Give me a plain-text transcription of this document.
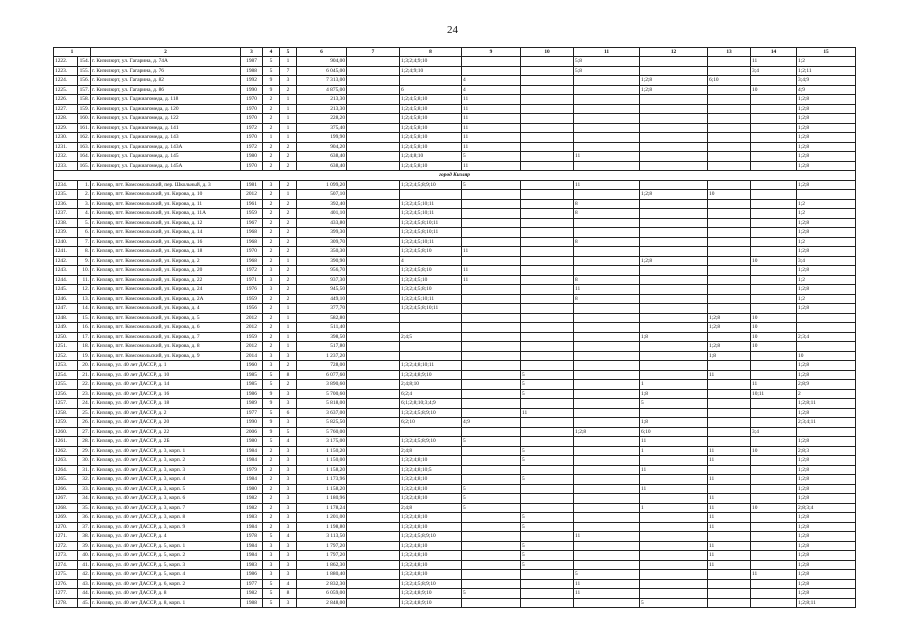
24
1		2	3	4	5	6	7	8	9	10	11	12	13	14	15
1222.	154.	г. Кизилюрт, ул. Гагарина, д. 74А	1987	5	1	904,00		1;3;2;4;9;10			5;8			11	1;2
1223.	155.	г. Кизилюрт, ул. Гагарина, д. 76	1988	5	7	6 045,00		1;2;4;9;10			5;8			3;4	1;2;11
1224.	156.	г. Кизилюрт, ул. Гагарина, д. 82	1992	9	3	7 313,00			4			1;2;8	6;10		3;4;9
1225.	157.	г. Кизилюрт, ул. Гагарина, д. 86	1990	9	2	4 875,00		6	4			1;2;8		10	4;9
1226.	158.	г. Кизилюрт, ул. Гаджиагомеда, д. 118	1970	2	1	213,30		1;2;4;5;8;10	11						1;2;8
1227.	159.	г. Кизилюрт, ул. Гаджиагомеда, д. 120	1970	2	1	213,30		1;2;4;5;8;10	11						1;2;8
1228.	160.	г. Кизилюрт, ул. Гаджиагомеда, д. 122	1970	2	1	228,20		1;2;4;5;8;10	11						1;2;8
1229.	161.	г. Кизилюрт, ул. Гаджиагомеда, д. 141	1972	2	1	375,40		1;2;4;5;8;10	11						1;2;8
1230.	162.	г. Кизилюрт, ул. Гаджиагомеда, д. 143	1970	1	1	199,90		1;2;4;5;8;10	11						1;2;8
1231.	163.	г. Кизилюрт, ул. Гаджиагомеда, д. 143А	1972	2	2	904,20		1;2;4;5;8;10	11						1;2;8
1232.	164.	г. Кизилюрт, ул. Гаджиагомеда, д. 145	1980	2	2	638,40		1;2;4;8;10	5		11				1;2;8
1233.	165.	г. Кизилюрт, ул. Гаджиагомеда, д. 145А	1970	2	2	638,40		1;2;4;5;8;10	11						1;2;8
город Кизляр															
1234.	1.	г. Кизляр, пгт. Комсомольский, пер. Школьный, д. 3	1981	3	2	1 099,20		1;3;2;4;5;8;9;10	5		11				1;2;8
1235.	2.	г. Кизляр, пгт. Комсомольский, ул. Кирова, д. 10	2012	2	1	507,10						1;2;8	10		
1236.	3.	г. Кизляр, пгт. Комсомольский, ул. Кирова, д. 11	1961	2	2	392,40		1;3;2;4;5;10;11			8				1;2
1237.	4.	г. Кизляр, пгт. Комсомольский, ул. Кирова, д. 11А	1959	2	2	401,10		1;3;2;4;5;10;11			8				1;2
1238.	5.	г. Кизляр, пгт. Комсомольский, ул. Кирова, д. 12	1967	2	2	433,80		1;3;2;4;5;8;10;11							1;2;8
1239.	6.	г. Кизляр, пгт. Комсомольский, ул. Кирова, д. 14	1968	2	2	399,30		1;3;2;4;5;8;10;11							1;2;8
1240.	7.	г. Кизляр, пгт. Комсомольский, ул. Кирова, д. 16	1968	2	2	309,70		1;3;2;4;5;10;11			8				1;2
1241.	8.	г. Кизляр, пгт. Комсомольский, ул. Кирова, д. 18	1970	2	2	350,30		1;3;2;4;5;8;10	11						1;2;8
1242.	9.	г. Кизляр, пгт. Комсомольский, ул. Кирова, д. 2	1968	2	1	390,90		4				1;2;8		10	3;4
1243.	10.	г. Кизляр, пгт. Комсомольский, ул. Кирова, д. 20	1972	3	2	956,70		1;3;2;4;5;8;10	11						1;2;8
1244.	11.	г. Кизляр, пгт. Комсомольский, ул. Кирова, д. 22	1971	3	2	937,30		1;3;2;4;5;10	11		8				1;2
1245.	12.	г. Кизляр, пгт. Комсомольский, ул. Кирова, д. 24	1976	3	2	945,50		1;3;2;4;5;8;10			11				1;2;8
1246.	13.	г. Кизляр, пгт. Комсомольский, ул. Кирова, д. 2А	1959	2	2	449,10		1;3;2;4;5;10;11			8				1;2
1247.	14.	г. Кизляр, пгт. Комсомольский, ул. Кирова, д. 4	1956	2	1	377,70		1;3;2;4;5;8;10;11							1;2;8
1248.	15.	г. Кизляр, пгт. Комсомольский, ул. Кирова, д. 5	2012	2	1	582,80							1;2;8	10	
1249.	16.	г. Кизляр, пгт. Комсомольский, ул. Кирова, д. 6	2012	2	1	511,40							1;2;8	10	
1250.	17.	г. Кизляр, пгт. Комсомольский, ул. Кирова, д. 7	1959	2	1	398,50		2;4;5				1;8		10	2;3;4
1251.	18.	г. Кизляр, пгт. Комсомольский, ул. Кирова, д. 8	2012	2	1	517,80							1;2;8	10	
1252.	19.	г. Кизляр, пгт. Комсомольский, ул. Кирова, д. 9	2014	3	3	1 237,20							1;8		10
1253.	20.	г. Кизляр, ул. 40 лет ДАССР, д. 1	1960	3	2	728,00		1;3;2;4;8;10;11							1;2;8
1254.	21.	г. Кизляр, ул. 40 лет ДАССР, д. 10	1985	5	8	6 077,60		1;3;2;4;8;9;10		5			11		1;2;8
1255.	22.	г. Кизляр, ул. 40 лет ДАССР, д. 14	1985	5	2	3 890,60		2;4;8;10		5		1		11	2;8;9
1256.	23.	г. Кизляр, ул. 40 лет ДАССР, д. 16	1986	9	3	5 700,60		6;2;4		5		1;8		10;11	2
1257.	24.	г. Кизляр, ул. 40 лет ДАССР, д. 18	1989	9	3	5 818,00		6;1;2;8;10;3;4;9				5			1;2;8;11
1258.	25.	г. Кизляр, ул. 40 лет ДАССР, д. 2	1977	5	6	3 637,00		1;3;2;4;5;8;9;10		11					1;2;8
1259.	26.	г. Кизляр, ул. 40 лет ДАССР, д. 20	1990	9	3	5 825,50		6;2;10	4;9			1;8			2;3;4;11
1260.	27.	г. Кизляр, ул. 40 лет ДАССР, д. 22	2006	9	5	5 760,00					1;2;8	6;10		3;4	
1261.	28.	г. Кизляр, ул. 40 лет ДАССР, д. 2Б	1980	5	4	3 175,00		1;3;2;4;5;8;9;10	5			11			1;2;8
1262.	29.	г. Кизляр, ул. 40 лет ДАССР, д. 3, корп. 1	1984	2	3	1 150,20		2;4;8		5		1	11	10	2;8;3
1263.	30.	г. Кизляр, ул. 40 лет ДАССР, д. 3, корп. 2	1984	2	3	1 150,00		1;3;2;4;8;10		5			11		1;2;8
1264.	31.	г. Кизляр, ул. 40 лет ДАССР, д. 3, корп. 3	1979	2	3	1 158,20		1;3;2;4;8;10;5				11			1;2;8
1265.	32.	г. Кизляр, ул. 40 лет ДАССР, д. 3, корп. 4	1984	2	3	1 173,96		1;3;2;4;8;10		5			11		1;2;8
1266.	33.	г. Кизляр, ул. 40 лет ДАССР, д. 3, корп. 5	1980	2	3	1 158,20		1;3;2;4;8;10	5			11			1;2;8
1267.	34.	г. Кизляр, ул. 40 лет ДАССР, д. 3, корп. 6	1982	2	3	1 180,96		1;3;2;4;8;10	5				11		1;2;8
1268.	35.	г. Кизляр, ул. 40 лет ДАССР, д. 3, корп. 7	1982	2	3	1 178,24		2;4;8	5			1	11	10	2;8;3;4
1269.	36.	г. Кизляр, ул. 40 лет ДАССР, д. 3, корп. 8	1983	2	3	1 201,00		1;3;2;4;8;10		5			11		1;2;8
1270.	37.	г. Кизляр, ул. 40 лет ДАССР, д. 3, корп. 9	1984	2	3	1 198,80		1;3;2;4;8;10		5			11		1;2;8
1271.	38.	г. Кизляр, ул. 40 лет ДАССР, д. 4	1978	5	4	3 113,50		1;3;2;4;5;8;9;10			11				1;2;8
1272.	39.	г. Кизляр, ул. 40 лет ДАССР, д. 5, корп. 1	1984	3	3	1 797,20		1;3;2;4;8;10		5			11		1;2;8
1273.	40.	г. Кизляр, ул. 40 лет ДАССР, д. 5, корп. 2	1984	3	3	1 797,20		1;3;2;4;8;10		5			11		1;2;8
1274.	41.	г. Кизляр, ул. 40 лет ДАССР, д. 5, корп. 3	1983	3	3	1 862,30		1;3;2;4;8;10		5			11		1;2;8
1275.	42.	г. Кизляр, ул. 40 лет ДАССР, д. 5, корп. 4	1986	3	3	1 880,40		1;3;2;4;8;10			5			11	1;2;8
1276.	43.	г. Кизляр, ул. 40 лет ДАССР, д. 6, корп. 2	1977	5	4	2 832,30		1;3;2;4;5;8;9;10			11				1;2;8
1277.	44.	г. Кизляр, ул. 40 лет ДАССР, д. 8	1982	5	8	6 059,00		1;3;2;4;8;9;10	5		11				1;2;8
1278.	45.	г. Кизляр, ул. 40 лет ДАССР, д. 8, корп. 1	1988	5	3	2 848,00		1;3;2;4;8;9;10				5			1;2;8;11
